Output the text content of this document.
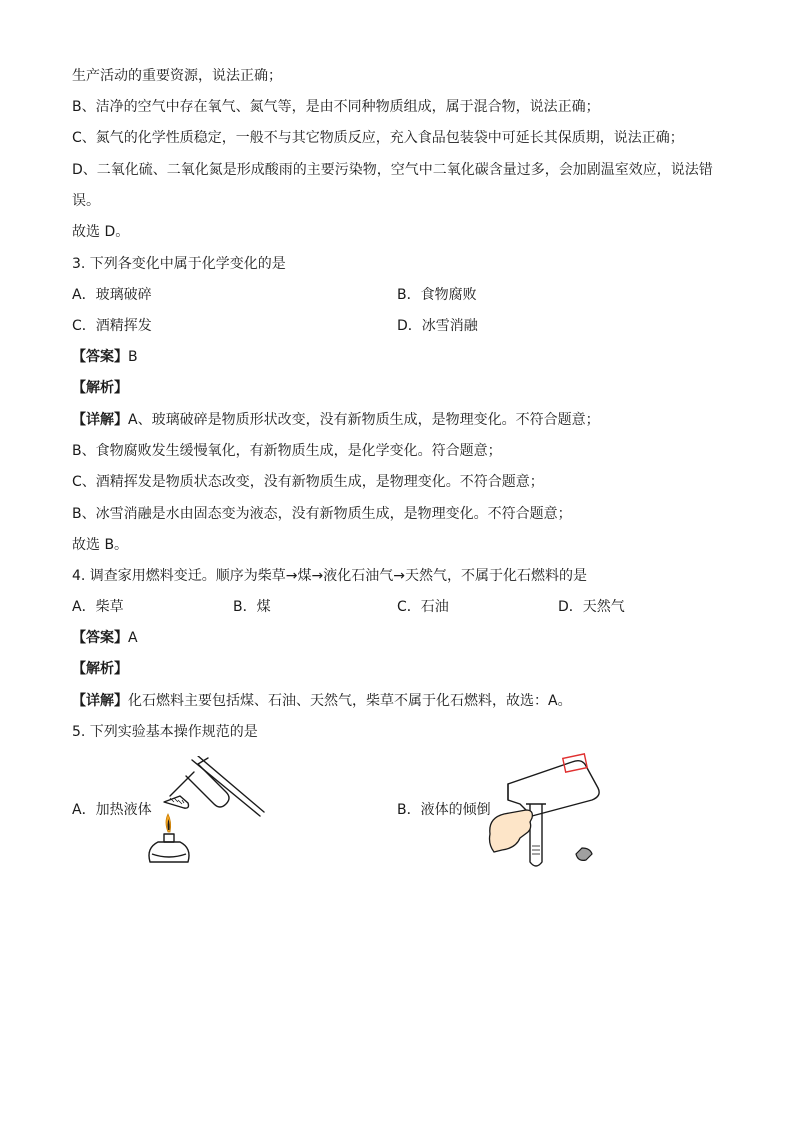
生产活动的重要资源，说法正确；
B、洁净的空气中存在氧气、氮气等，是由不同种物质组成，属于混合物，说法正确；
C、氮气的化学性质稳定，一般不与其它物质反应，充入食品包装袋中可延长其保质期，说法正确；
D、二氧化硫、二氧化氮是形成酸雨的主要污染物，空气中二氧化碳含量过多，会加剧温室效应，说法错
误。
故选 D。
3. 下列各变化中属于化学变化的是
A．玻璃破碎	B．食物腐败
C．酒精挥发	D．冰雪消融
【答案】B
【解析】
【详解】A、玻璃破碎是物质形状改变，没有新物质生成，是物理变化。不符合题意；
B、食物腐败发生缓慢氧化，有新物质生成，是化学变化。符合题意；
C、酒精挥发是物质状态改变，没有新物质生成，是物理变化。不符合题意；
B、冰雪消融是水由固态变为液态，没有新物质生成，是物理变化。不符合题意；
故选 B。
4. 调查家用燃料变迁。顺序为柴草→煤→液化石油气→天然气，不属于化石燃料的是
A．柴草	B．煤	C．石油	D．天然气
【答案】A
【解析】
【详解】化石燃料主要包括煤、石油、天然气，柴草不属于化石燃料，故选：A。
5. 下列实验基本操作规范的是
A．加热液体	B．液体的倾倒
